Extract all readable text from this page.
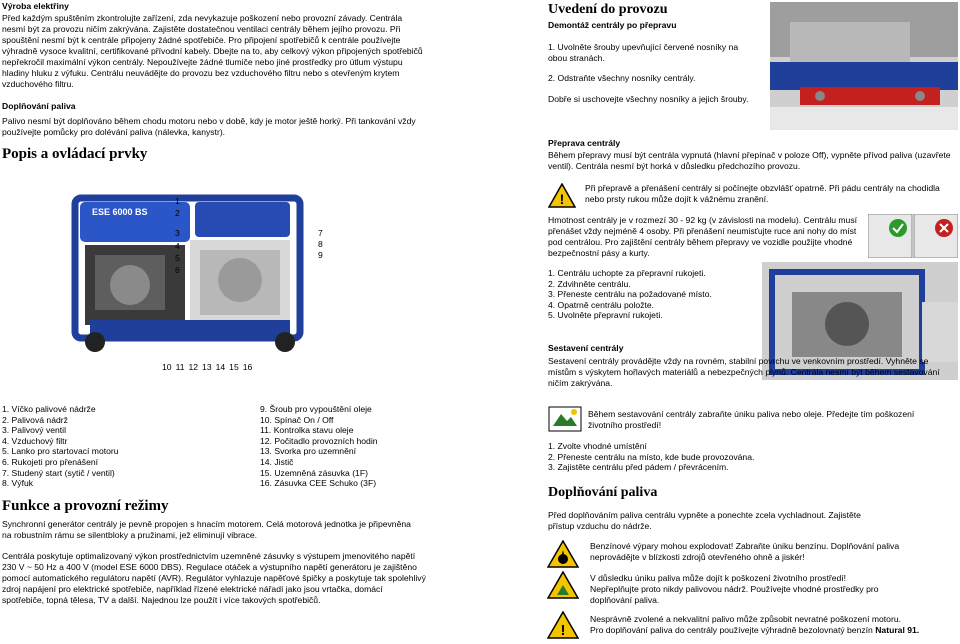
Výroba elektřiny
Před každým spuštěním zkontrolujte zařízení, zda nevykazuje poškození nebo provozní závady. Centrála nesmí být za provozu ničím zakrývána. Zajistěte dostatečnou ventilaci centrály během jejího provozu. Při spouštění nesmí být k centrále připojeny žádné spotřebiče. Pro připojení spotřebičů k centrále používejte výhradně vysoce kvalitní, certifikované přívodní kabely. Dbejte na to, aby celkový výkon připojených spotřebičů nepřekročil maximální výkon centrály. Nepoužívejte žádné tlumiče nebo jiné prostředky pro útlum výstupu hladiny hluku z výfuku. Centrálu neuvádějte do provozu bez vzduchového filtru nebo s otevřeným krytem vzduchového filtru.
Doplňování paliva
Palivo nesmí být doplňováno během chodu motoru nebo v době, kdy je motor ještě horký. Při tankování vždy používejte pomůcky pro dolévání paliva (nálevka, kanystr).
Popis a ovládací prvky
ESE 6000 BS
1
2
3
4
5
6
7
8
9
10 11 12 13 14 15 16
1. Víčko palivové nádrže
2. Palivová nádrž
3. Palivový ventil
4. Vzduchový filtr
5. Lanko pro startovací motoru
6. Rukojeti pro přenášení
7. Studený start (sytič / ventil)
8. Výfuk
9. Šroub pro vypouštění oleje
10. Spínač On / Off
11. Kontrolka stavu oleje
12. Počitadlo provozních hodin
13. Svorka pro uzemnění
14. Jistič
15. Uzemněná zásuvka (1F)
16. Zásuvka CEE Schuko (3F)
Funkce a provozní režimy
Synchronní generátor centrály je pevně propojen s hnacím motorem. Celá motorová jednotka je připevněna na robustním rámu se silentbloky a pružinami, jež eliminují vibrace.
Centrála poskytuje optimalizovaný výkon prostřednictvím uzemněné zásuvky s výstupem jmenovitého napětí 230 V ~ 50 Hz a 400 V (model ESE 6000 DBS). Regulace otáček a výstupního napětí generátoru je zajištěno pomocí automatického regulátoru napětí (AVR). Regulátor vyhlazuje napěťové špičky a poskytuje tak spolehlivý zdroj napájení pro elektrické spotřebiče, například řízené elektrické nářadí jako jsou vrtačka, domácí spotřebiče, topná tělesa, TV a další. Najednou lze použít i více takových spotřebičů.
Uvedení do provozu
Demontáž centrály po přepravu
1. Uvolněte šrouby upevňující červené nosníky na obou stranách.
2. Odstraňte všechny nosníky centrály.
Dobře si uschovejte všechny nosníky a jejich šrouby.
Přeprava centrály
Během přepravy musí být centrála vypnutá (hlavní přepínač v poloze Off), vypněte přívod paliva (uzavřete ventil). Centrála nesmí být horká v důsledku předchozího provozu.
!
Při přepravě a přenášení centrály si počínejte obzvlášť opatrně. Při pádu centrály na chodidla nebo prsty rukou může dojít k vážnému zranění.
Hmotnost centrály je v rozmezí 30 - 92 kg (v závislosti na modelu). Centrálu musí přenášet vždy nejméně 4 osoby. Při přenášení neumisťujte ruce ani nohy do míst pod centrálou. Pro zajištění centrály během přepravy ve vozidle použijte vhodné bezpečnostní pásy a kurty.
1. Centrálu uchopte za přepravní rukojeti.
2. Zdvihněte centrálu.
3. Přeneste centrálu na požadované místo.
4. Opatrně centrálu položte.
5. Uvolněte přepravní rukojeti.
Sestavení centrály
Sestavení centrály provádějte vždy na rovném, stabilní povrchu ve venkovním prostředí. Vyhněte se místům s výskytem hořlavých materiálů a nebezpečných plynů. Centrála nesmí být během sestavování ničím zakrývána.
Během sestavování centrály zabraňte úniku paliva nebo oleje. Předejte tím poškození životního prostředí!
1. Zvolte vhodné umístění
2. Přeneste centrálu na místo, kde bude provozována.
3. Zajistěte centrálu před pádem / převrácením.
Doplňování paliva
Před doplňováním paliva centrálu vypněte a ponechte zcela vychladnout. Zajistěte přístup vzduchu do nádrže.
Benzínové výpary mohou explodovat! Zabraňte úniku benzínu. Doplňování paliva neprovádějte v blízkosti zdrojů otevřeného ohně a jiskér!
V důsledku úniku paliva může dojít k poškození životního prostředí! Nepřeplňujte proto nikdy palivovou nádrž. Používejte vhodné prostředky pro doplňování paliva.
!
Nesprávně zvolené a nekvalitní palivo může způsobit nevratné poškození motoru.
Pro doplňování paliva do centrály používejte výhradně bezolovnatý benzín Natural 91.
